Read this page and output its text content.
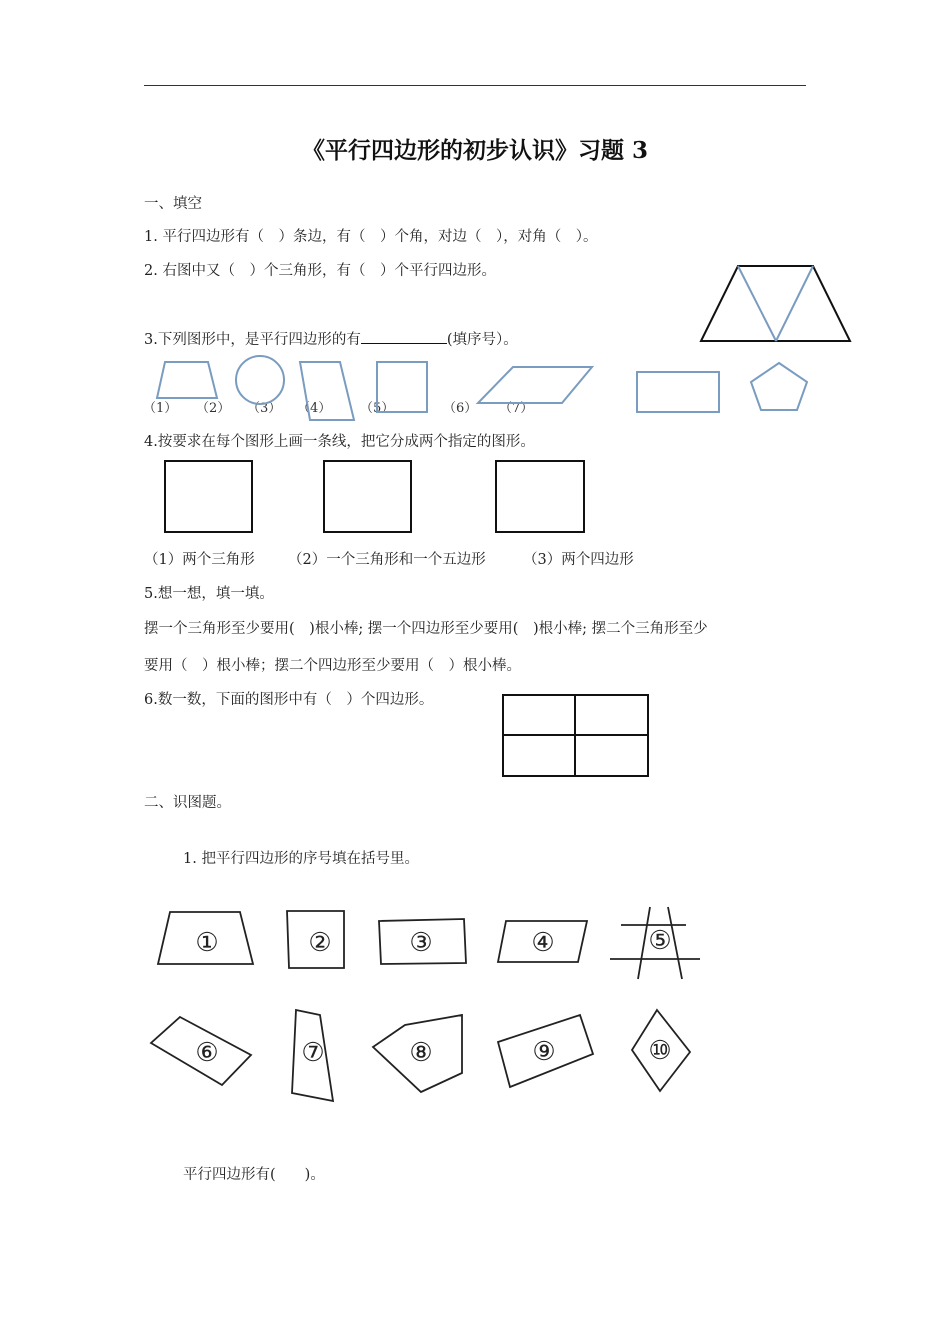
《平行四边形的初步认识》习题 3
一、填空
1. 平行四边形有（　）条边，有（　）个角，对边（　），对角（　）。
2. 右图中又（　）个三角形，有（　）个平行四边形。
3.下列图形中，是平行四边形的有	(填序号）。
（1） （2） （3） （4） （5）	（6） （7）
4.按要求在每个图形上画一条线，把它分成两个指定的图形。
（1）两个三角形 （2）一个三角形和一个五边形	（3）两个四边形
5.想一想，填一填。
摆一个三角形至少要用(　)根小棒; 摆一个四边形至少要用(　)根小棒; 摆二个三角形至少
要用（　）根小棒；摆二个四边形至少要用（　）根小棒。
6.数一数，下面的图形中有（　）个四边形。
二、识图题。
1. 把平行四边形的序号填在括号里。
平行四边形有(　　)。
①	②	③	④	⑤
⑥	⑦	⑧	⑨	⑩
